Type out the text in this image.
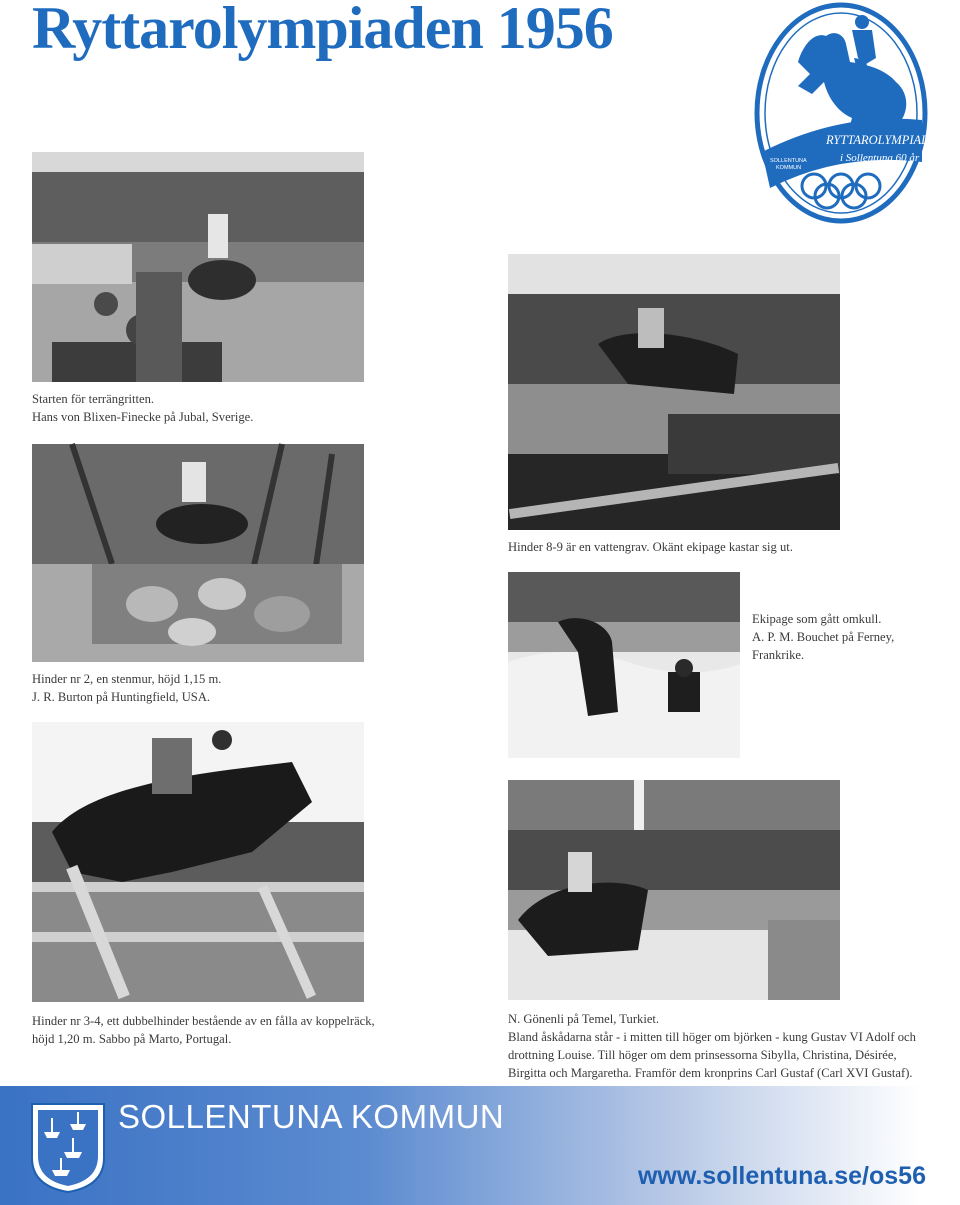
Ryttarolympiaden 1956
RYTTAROLYMPIADEN
i Sollentuna 60 år
SOLLENTUNA
KOMMUN
Starten för terrängritten.
Hans von Blixen-Finecke på Jubal, Sverige.
Hinder 8-9 är en vattengrav. Okänt ekipage kastar sig ut.
Hinder nr 2, en stenmur, höjd 1,15 m.
J. R. Burton på Huntingfield, USA.
Ekipage som gått omkull.
A. P. M. Bouchet på Ferney,
Frankrike.
Hinder nr 3-4, ett dubbelhinder bestående av en fålla av koppelräck,
höjd 1,20 m. Sabbo på Marto, Portugal.
N. Gönenli på Temel, Turkiet.
Bland åskådarna står - i mitten till höger om björken - kung Gustav VI Adolf och
drottning Louise. Till höger om dem prinsessorna Sibylla, Christina, Désirée,
Birgitta och Margaretha. Framför dem kronprins Carl Gustaf (Carl XVI Gustaf).
SOLLENTUNA KOMMUN
www.sollentuna.se/os56
